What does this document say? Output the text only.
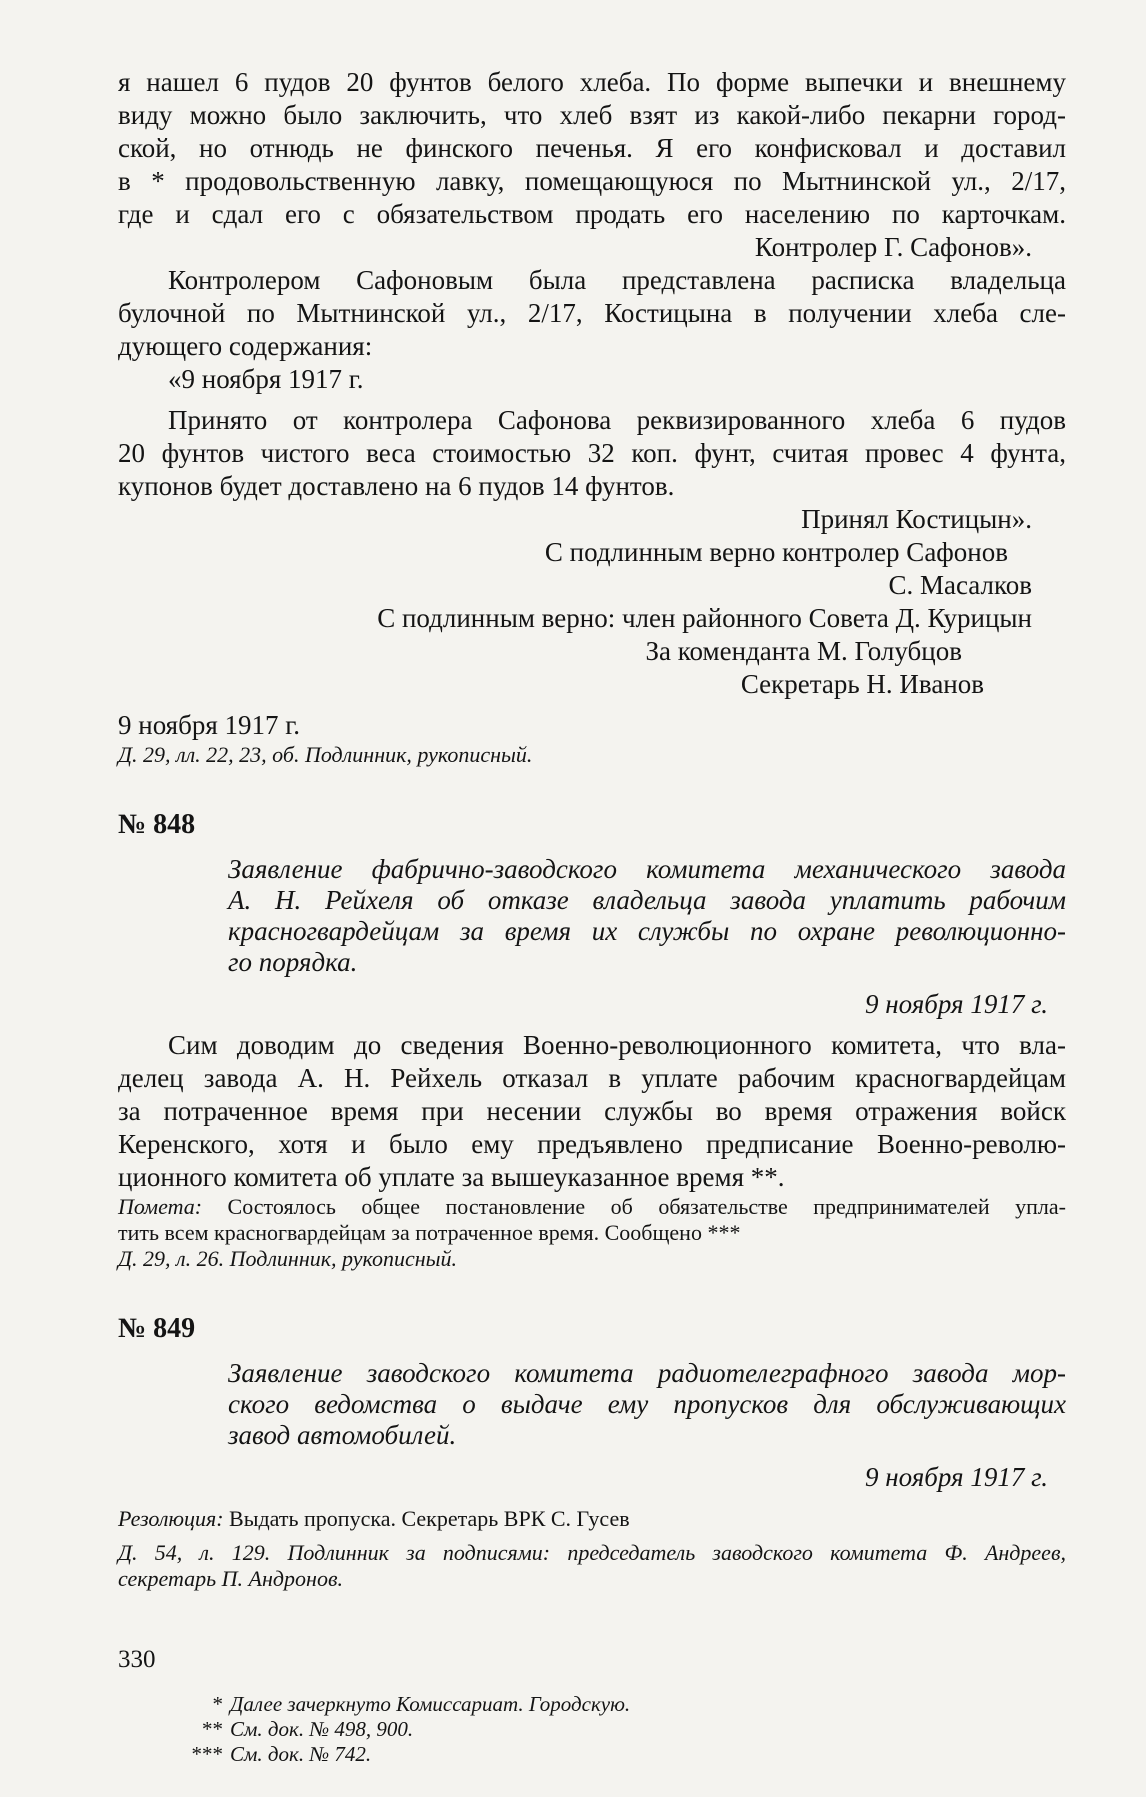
я нашел 6 пудов 20 фунтов белого хлеба. По форме выпечки и внешнему
виду можно было заключить, что хлеб взят из какой-либо пекарни город-
ской, но отнюдь не финского печенья. Я его конфисковал и доставил
в * продовольственную лавку, помещающуюся по Мытнинской ул., 2/17,
где и сдал его с обязательством продать его населению по карточкам.
Контролер Г. Сафонов».
Контролером Сафоновым была представлена расписка владельца
булочной по Мытнинской ул., 2/17, Костицына в получении хлеба сле-
дующего содержания:
«9 ноября 1917 г.
Принято от контролера Сафонова реквизированного хлеба 6 пудов
20 фунтов чистого веса стоимостью 32 коп. фунт, считая провес 4 фунта,
купонов будет доставлено на 6 пудов 14 фунтов.
Принял Костицын».
С подлинным верно контролер Сафонов
С. Масалков
С подлинным верно: член районного Совета Д. Курицын
За коменданта М. Голубцов
Секретарь Н. Иванов
9 ноября 1917 г.
Д. 29, лл. 22, 23, об. Подлинник, рукописный.
№ 848
Заявление фабрично-заводского комитета механического завода
А. Н. Рейхеля об отказе владельца завода уплатить рабочим
красногвардейцам за время их службы по охране революционно-
го порядка.
9 ноября 1917 г.
Сим доводим до сведения Военно-революционного комитета, что вла-
делец завода А. Н. Рейхель отказал в уплате рабочим красногвардейцам
за потраченное время при несении службы во время отражения войск
Керенского, хотя и было ему предъявлено предписание Военно-револю-
ционного комитета об уплате за вышеуказанное время **.
Помета: Состоялось общее постановление об обязательстве предпринимателей упла-
тить всем красногвардейцам за потраченное время. Сообщено ***
Д. 29, л. 26. Подлинник, рукописный.
№ 849
Заявление заводского комитета радиотелеграфного завода мор-
ского ведомства о выдаче ему пропусков для обслуживающих
завод автомобилей.
9 ноября 1917 г.
Резолюция: Выдать пропуска. Секретарь ВРК С. Гусев
Д. 54, л. 129. Подлинник за подписями: председатель заводского комитета Ф. Андреев,
секретарь П. Андронов.
* Далее зачеркнуто Комиссариат. Городскую.
** См. док. № 498, 900.
*** См. док. № 742.
330
